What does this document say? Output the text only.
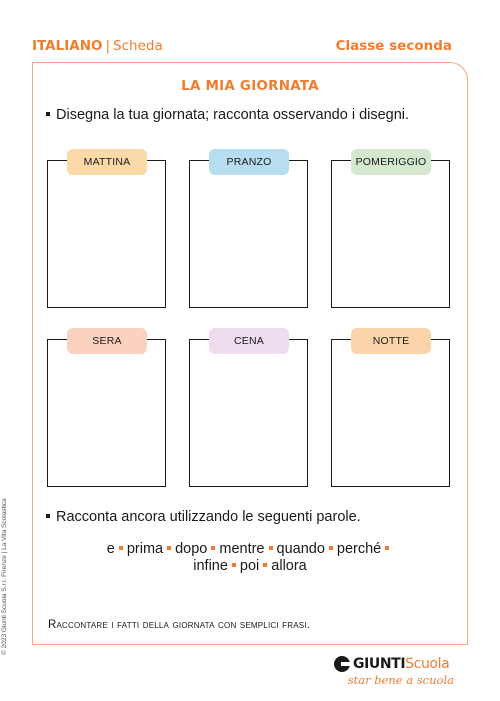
ITALIANO | Scheda	Classe seconda
LA MIA GIORNATA
Disegna la tua giornata; racconta osservando i disegni.
MATTINA	PRANZO	POMERIGGIO
SERA	CENA	NOTTE
Racconta ancora utilizzando le seguenti parole.
e prima dopo mentre quando perché
infine poi allora
Raccontare i fatti della giornata con semplici frasi.
© 2023 Giunti Scuola S.r.l. Firenze | La Vita Scolastica
GIUNTIScuola
star bene a scuola
